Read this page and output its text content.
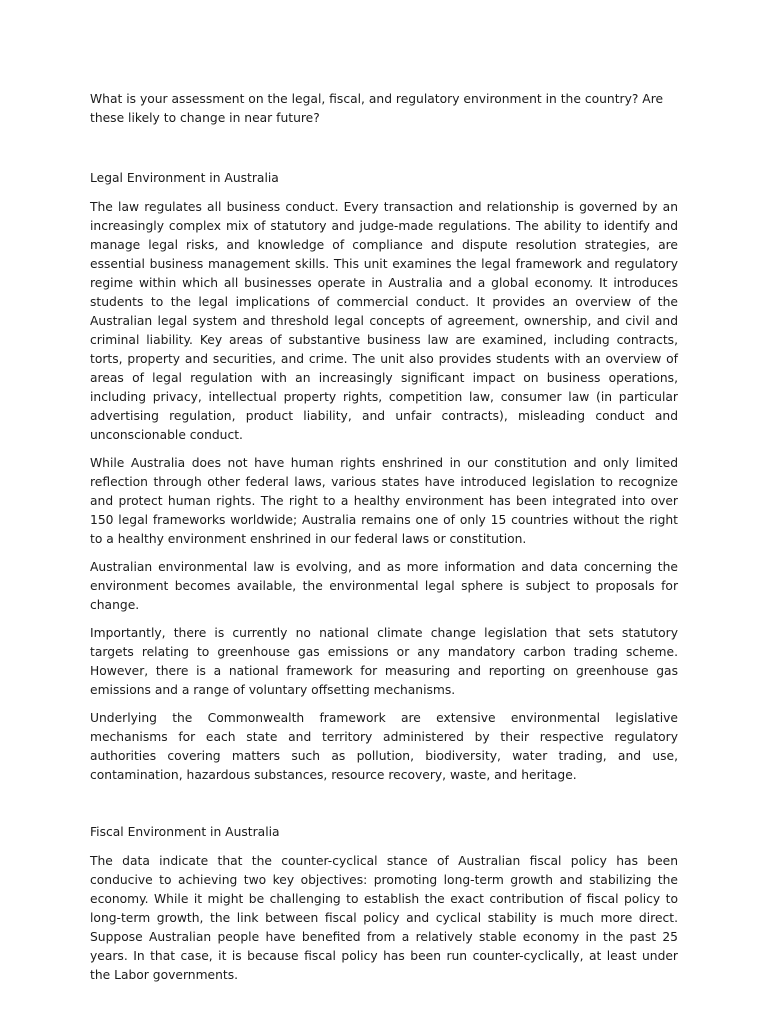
What is your assessment on the legal, fiscal, and regulatory environment in the country? Are these likely to change in near future?

Legal Environment in Australia

The law regulates all business conduct. Every transaction and relationship is governed by an increasingly complex mix of statutory and judge-made regulations. The ability to identify and manage legal risks, and knowledge of compliance and dispute resolution strategies, are essential business management skills. This unit examines the legal framework and regulatory regime within which all businesses operate in Australia and a global economy. It introduces students to the legal implications of commercial conduct. It provides an overview of the Australian legal system and threshold legal concepts of agreement, ownership, and civil and criminal liability. Key areas of substantive business law are examined, including contracts, torts, property and securities, and crime. The unit also provides students with an overview of areas of legal regulation with an increasingly significant impact on business operations, including privacy, intellectual property rights, competition law, consumer law (in particular advertising regulation, product liability, and unfair contracts), misleading conduct and unconscionable conduct.

While Australia does not have human rights enshrined in our constitution and only limited reflection through other federal laws, various states have introduced legislation to recognize and protect human rights. The right to a healthy environment has been integrated into over 150 legal frameworks worldwide; Australia remains one of only 15 countries without the right to a healthy environment enshrined in our federal laws or constitution.

Australian environmental law is evolving, and as more information and data concerning the environment becomes available, the environmental legal sphere is subject to proposals for change.

Importantly, there is currently no national climate change legislation that sets statutory targets relating to greenhouse gas emissions or any mandatory carbon trading scheme. However, there is a national framework for measuring and reporting on greenhouse gas emissions and a range of voluntary offsetting mechanisms.

Underlying the Commonwealth framework are extensive environmental legislative mechanisms for each state and territory administered by their respective regulatory authorities covering matters such as pollution, biodiversity, water trading, and use, contamination, hazardous substances, resource recovery, waste, and heritage.

Fiscal Environment in Australia

The data indicate that the counter-cyclical stance of Australian fiscal policy has been conducive to achieving two key objectives: promoting long-term growth and stabilizing the economy. While it might be challenging to establish the exact contribution of fiscal policy to long-term growth, the link between fiscal policy and cyclical stability is much more direct. Suppose Australian people have benefited from a relatively stable economy in the past 25 years. In that case, it is because fiscal policy has been run counter-cyclically, at least under the Labor governments.
